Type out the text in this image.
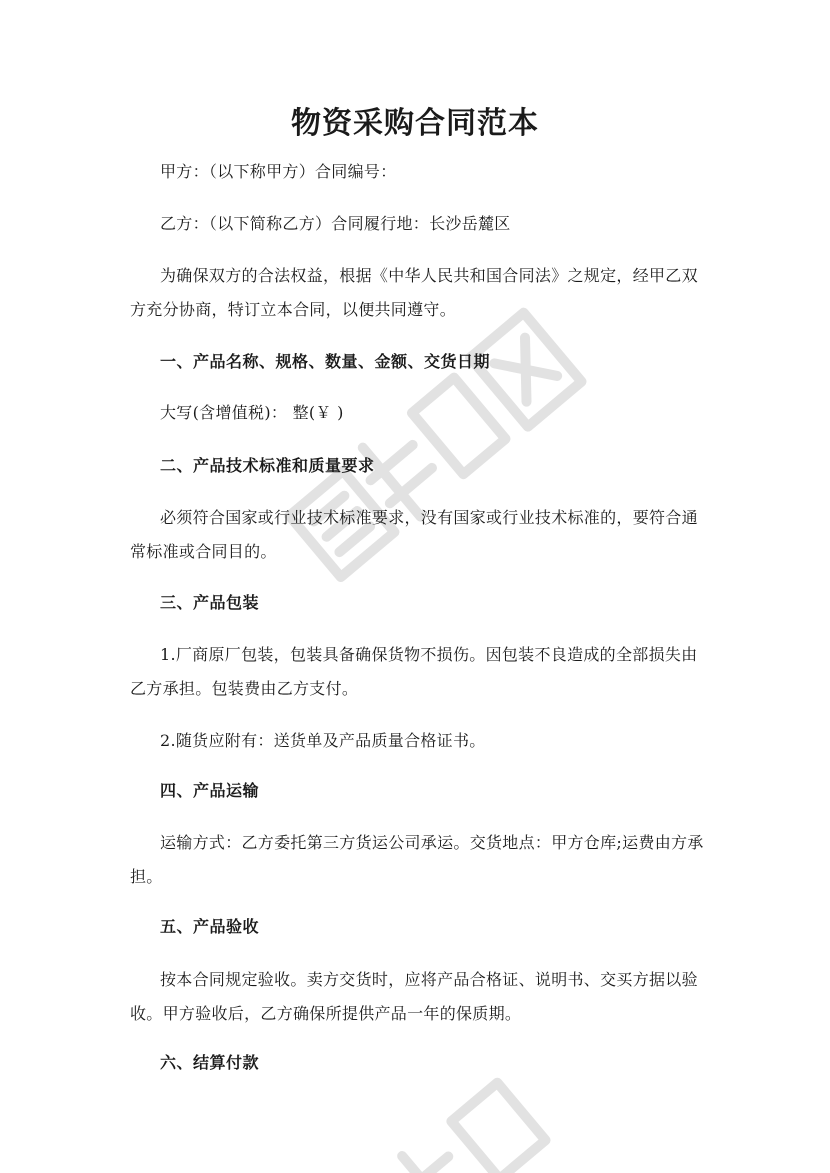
物资采购合同范本
甲方：（以下称甲方）合同编号：
乙方：（以下简称乙方）合同履行地：长沙岳麓区
为确保双方的合法权益，根据《中华人民共和国合同法》之规定，经甲乙双方充分协商，特订立本合同，以便共同遵守。
一、产品名称、规格、数量、金额、交货日期
大写(含增值税)： 整(￥ )
二、产品技术标准和质量要求
必须符合国家或行业技术标准要求，没有国家或行业技术标准的，要符合通常标准或合同目的。
三、产品包装
1.厂商原厂包装，包装具备确保货物不损伤。因包装不良造成的全部损失由乙方承担。包装费由乙方支付。
2.随货应附有：送货单及产品质量合格证书。
四、产品运输
运输方式：乙方委托第三方货运公司承运。交货地点：甲方仓库;运费由方承担。
五、产品验收
按本合同规定验收。卖方交货时，应将产品合格证、说明书、交买方据以验收。甲方验收后，乙方确保所提供产品一年的保质期。
六、结算付款
